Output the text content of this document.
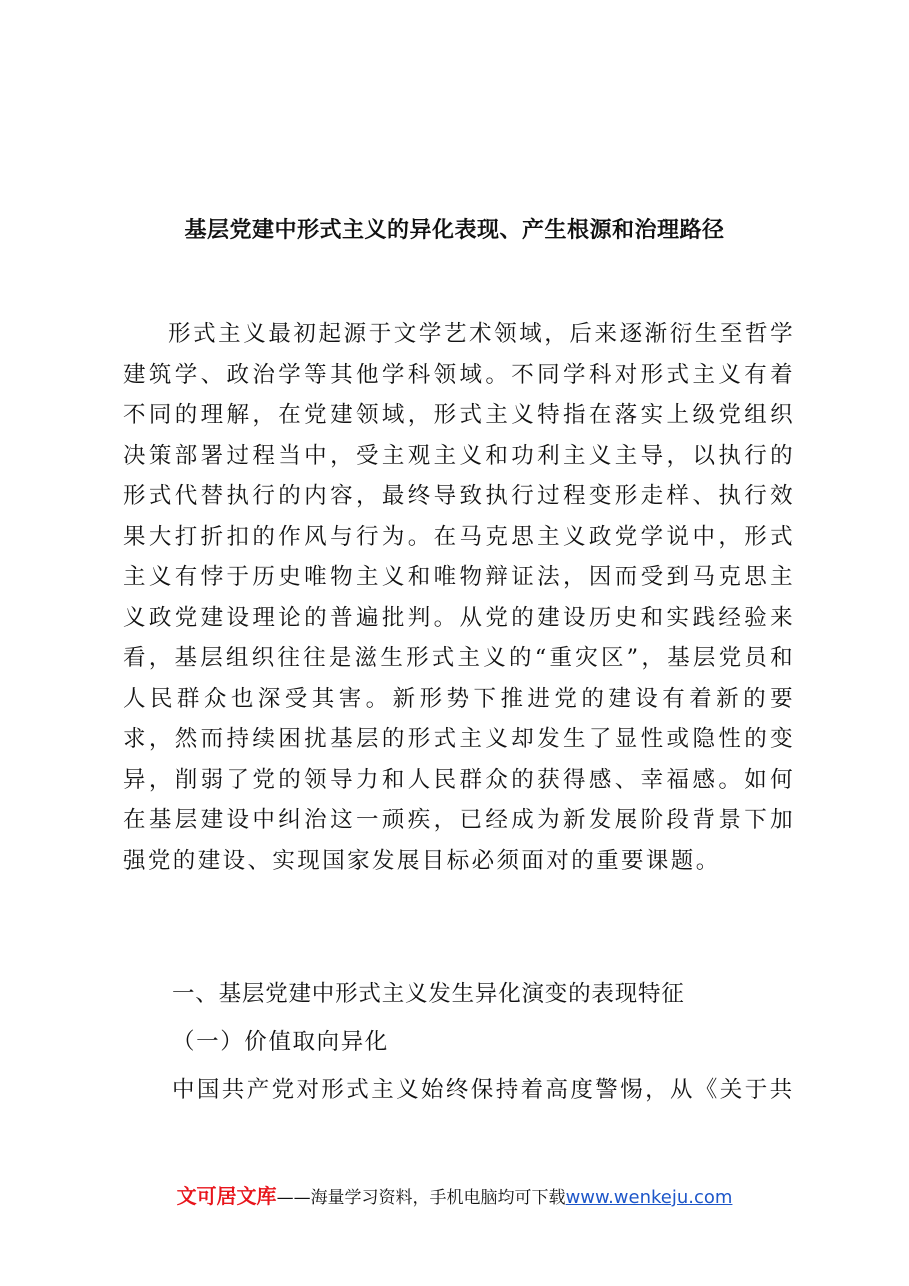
基层党建中形式主义的异化表现、产生根源和治理路径

形式主义最初起源于文学艺术领域，后来逐渐衍生至哲学建筑学、政治学等其他学科领域。不同学科对形式主义有着不同的理解，在党建领域，形式主义特指在落实上级党组织决策部署过程当中，受主观主义和功利主义主导，以执行的形式代替执行的内容，最终导致执行过程变形走样、执行效果大打折扣的作风与行为。在马克思主义政党学说中，形式主义有悖于历史唯物主义和唯物辩证法，因而受到马克思主义政党建设理论的普遍批判。从党的建设历史和实践经验来看，基层组织往往是滋生形式主义的“重灾区”，基层党员和人民群众也深受其害。新形势下推进党的建设有着新的要求，然而持续困扰基层的形式主义却发生了显性或隐性的变异，削弱了党的领导力和人民群众的获得感、幸福感。如何在基层建设中纠治这一顽疾，已经成为新发展阶段背景下加强党的建设、实现国家发展目标必须面对的重要课题。

一、基层党建中形式主义发生异化演变的表现特征

（一）价值取向异化

中国共产党对形式主义始终保持着高度警惕，从《关于共

文可居文库——海量学习资料，手机电脑均可下载www.wenkeju.com
